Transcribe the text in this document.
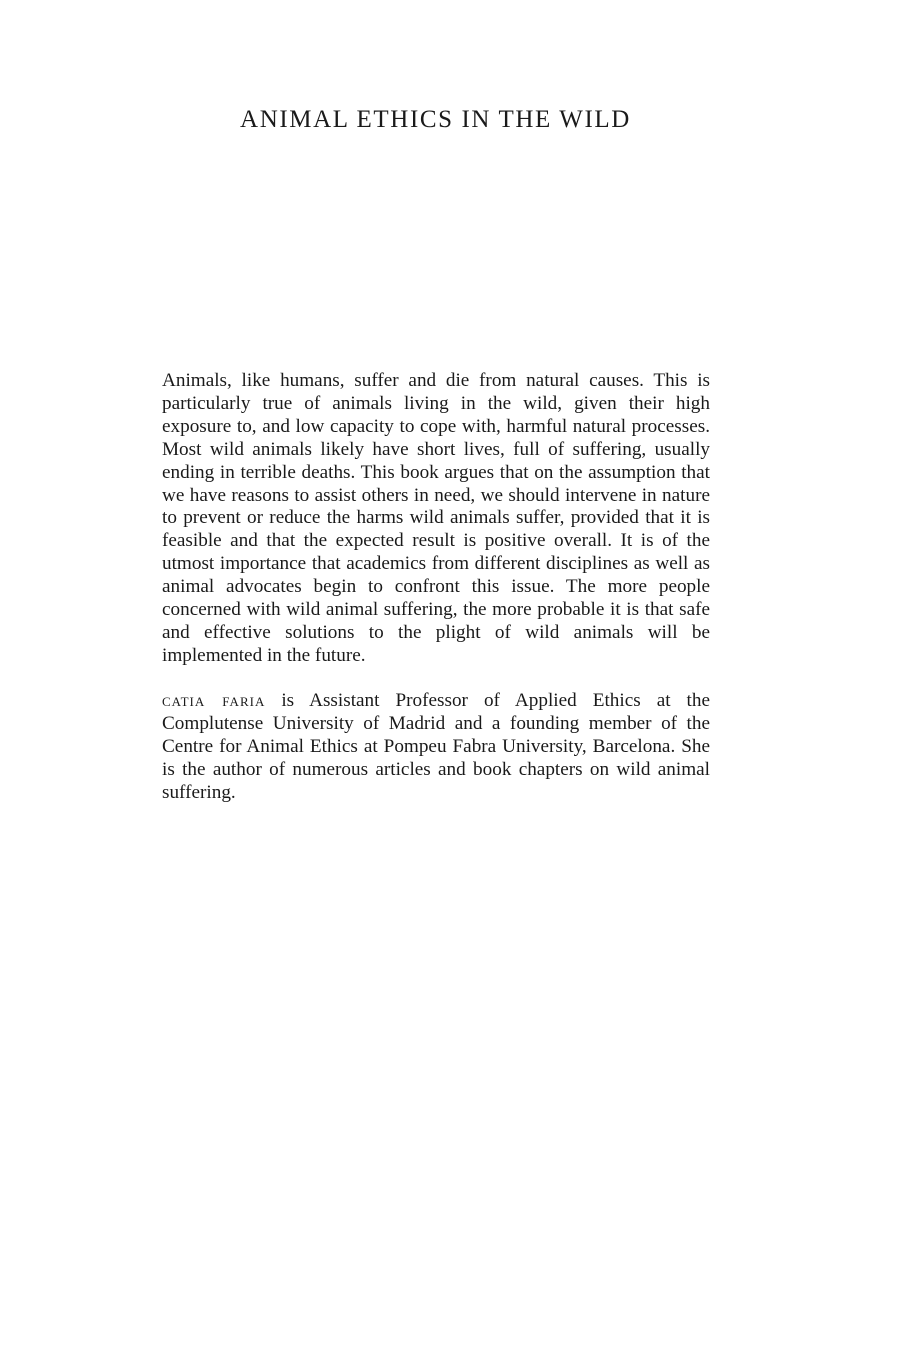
ANIMAL ETHICS IN THE WILD

Animals, like humans, suffer and die from natural causes. This is particularly true of animals living in the wild, given their high exposure to, and low capacity to cope with, harmful natural processes. Most wild animals likely have short lives, full of suffering, usually ending in terrible deaths. This book argues that on the assumption that we have reasons to assist others in need, we should intervene in nature to prevent or reduce the harms wild animals suffer, provided that it is feasible and that the expected result is positive overall. It is of the utmost importance that academics from different disciplines as well as animal advocates begin to confront this issue. The more people concerned with wild animal suffering, the more probable it is that safe and effective solutions to the plight of wild animals will be implemented in the future.

catia faria is Assistant Professor of Applied Ethics at the Complutense University of Madrid and a founding member of the Centre for Animal Ethics at Pompeu Fabra University, Barcelona. She is the author of numerous articles and book chapters on wild animal suffering.
